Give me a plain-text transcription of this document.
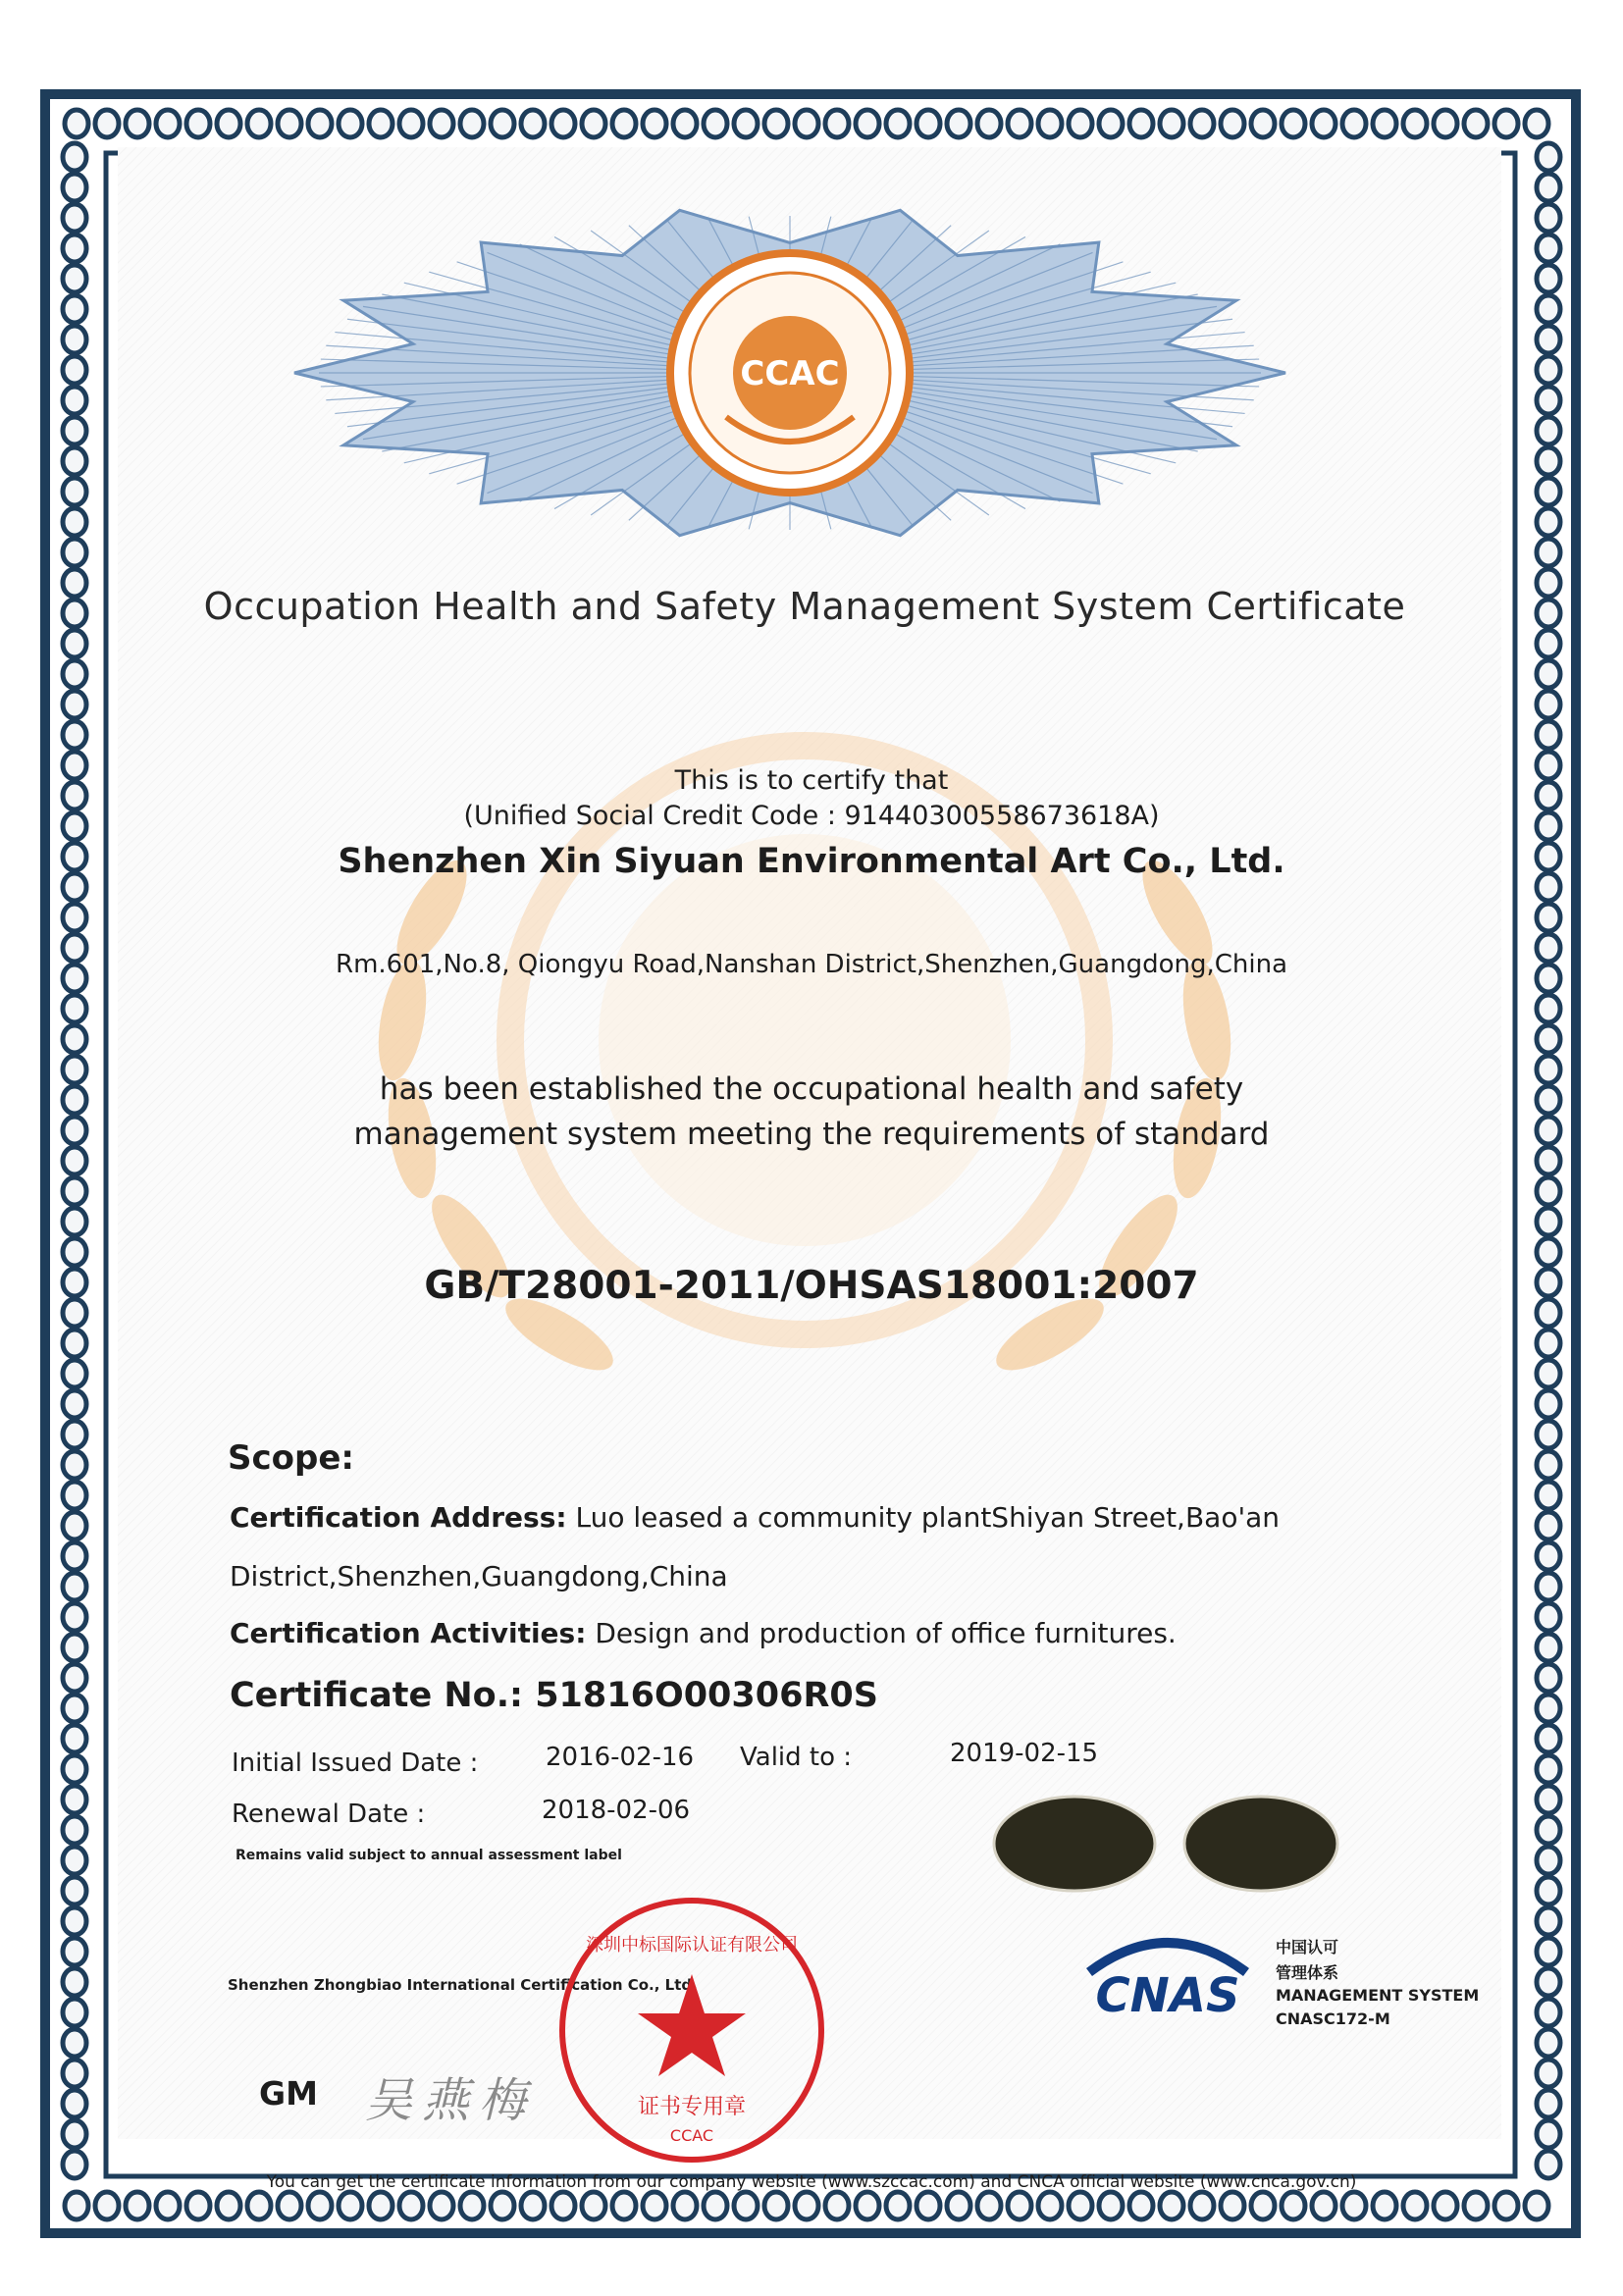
CCAC
Occupation Health and Safety Management System Certificate
This is to certify that
(Unified Social Credit Code : 91440300558673618A)
Shenzhen Xin Siyuan Environmental Art Co., Ltd.
Rm.601,No.8, Qiongyu Road,Nanshan District,Shenzhen,Guangdong,China
has been established the occupational health and safety
management system meeting the requirements of standard
GB/T28001-2011/OHSAS18001:2007
Scope:
Certification Address: Luo leased a community plantShiyan Street,Bao'an
District,Shenzhen,Guangdong,China
Certification Activities: Design and production of office furnitures.
Certificate No.: 51816O00306R0S
Initial Issued Date :	2016-02-16 Valid to :	2019-02-15
Renewal Date :	2018-02-06
Remains valid subject to annual assessment label
Shenzhen Zhongbiao International Certification Co., Ltd.
深圳中标国际认证有限公司
证书专用章
CCAC
GM 吴燕梅
CNAS
中国认可
管理体系
MANAGEMENT SYSTEM
CNASC172-M
You can get the certificate information from our company website (www.szccac.com) and CNCA official website (www.cnca.gov.cn)
